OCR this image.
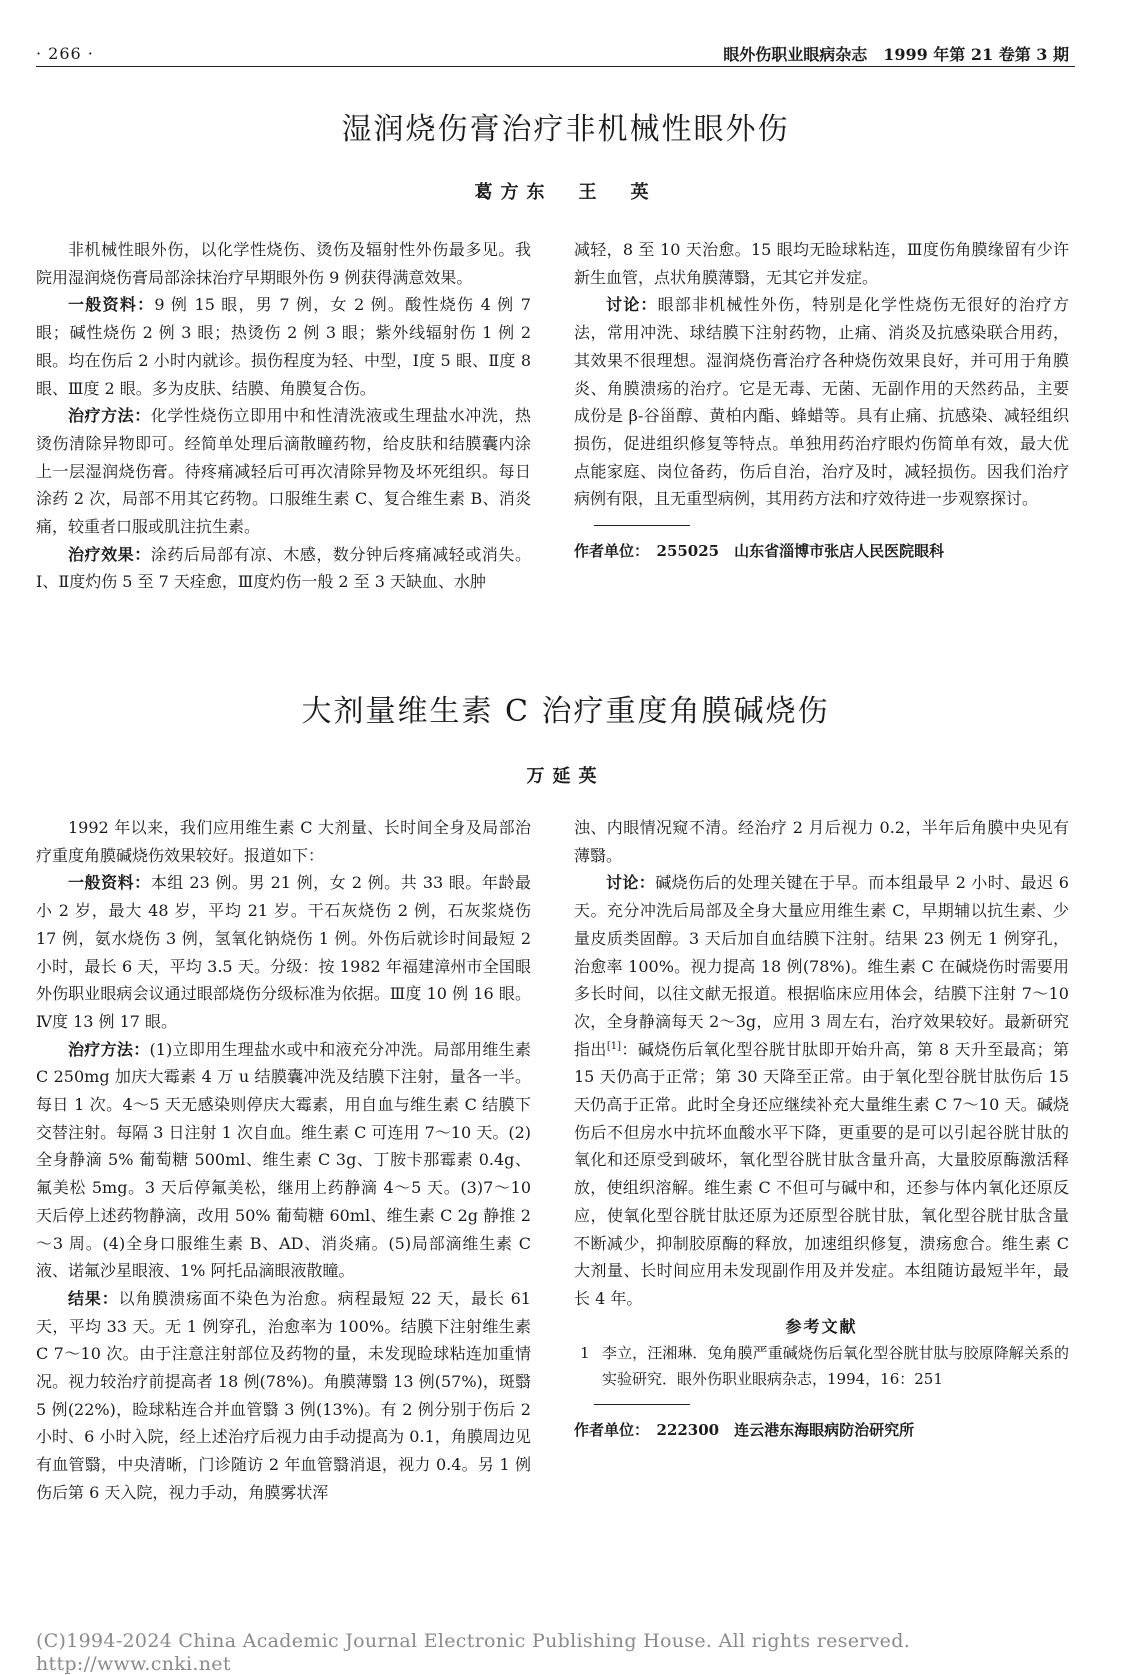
· 266 ·	眼外伤职业眼病杂志　1999 年第 21 卷第 3 期
湿润烧伤膏治疗非机械性眼外伤
葛方东　王　英

非机械性眼外伤，以化学性烧伤、烫伤及辐射性外伤最多见。我院用湿润烧伤膏局部涂抹治疗早期眼外伤 9 例获得满意效果。

一般资料：9 例 15 眼，男 7 例，女 2 例。酸性烧伤 4 例 7 眼；碱性烧伤 2 例 3 眼；热烫伤 2 例 3 眼；紫外线辐射伤 1 例 2 眼。均在伤后 2 小时内就诊。损伤程度为轻、中型，Ⅰ度 5 眼、Ⅱ度 8 眼、Ⅲ度 2 眼。多为皮肤、结膜、角膜复合伤。

治疗方法：化学性烧伤立即用中和性清洗液或生理盐水冲洗，热烫伤清除异物即可。经简单处理后滴散瞳药物，给皮肤和结膜囊内涂上一层湿润烧伤膏。待疼痛减轻后可再次清除异物及坏死组织。每日涂药 2 次，局部不用其它药物。口服维生素 C、复合维生素 B、消炎痛，较重者口服或肌注抗生素。

治疗效果：涂药后局部有凉、木感，数分钟后疼痛减轻或消失。Ⅰ、Ⅱ度灼伤 5 至 7 天痊愈，Ⅲ度灼伤一般 2 至 3 天缺血、水肿

减轻，8 至 10 天治愈。15 眼均无睑球粘连，Ⅲ度伤角膜缘留有少许新生血管，点状角膜薄翳，无其它并发症。

讨论：眼部非机械性外伤，特别是化学性烧伤无很好的治疗方法，常用冲洗、球结膜下注射药物，止痛、消炎及抗感染联合用药，其效果不很理想。湿润烧伤膏治疗各种烧伤效果良好，并可用于角膜炎、角膜溃疡的治疗。它是无毒、无菌、无副作用的天然药品，主要成份是 β-谷甾醇、黄柏内酯、蜂蜡等。具有止痛、抗感染、减轻组织损伤，促进组织修复等特点。单独用药治疗眼灼伤简单有效，最大优点能家庭、岗位备药，伤后自治，治疗及时，减轻损伤。因我们治疗病例有限，且无重型病例，其用药方法和疗效待进一步观察探讨。

作者单位：　255025　山东省淄博市张店人民医院眼科

大剂量维生素 C 治疗重度角膜碱烧伤
万延英

1992 年以来，我们应用维生素 C 大剂量、长时间全身及局部治疗重度角膜碱烧伤效果较好。报道如下：

一般资料：本组 23 例。男 21 例，女 2 例。共 33 眼。年龄最小 2 岁，最大 48 岁，平均 21 岁。干石灰烧伤 2 例，石灰浆烧伤 17 例，氨水烧伤 3 例，氢氧化钠烧伤 1 例。外伤后就诊时间最短 2 小时，最长 6 天，平均 3.5 天。分级：按 1982 年福建漳州市全国眼外伤职业眼病会议通过眼部烧伤分级标准为依据。Ⅲ度 10 例 16 眼。Ⅳ度 13 例 17 眼。

治疗方法：(1)立即用生理盐水或中和液充分冲洗。局部用维生素 C 250mg 加庆大霉素 4 万 u 结膜囊冲洗及结膜下注射，量各一半。每日 1 次。4～5 天无感染则停庆大霉素，用自血与维生素 C 结膜下交替注射。每隔 3 日注射 1 次自血。维生素 C 可连用 7～10 天。(2)全身静滴 5% 葡萄糖 500ml、维生素 C 3g、丁胺卡那霉素 0.4g、氟美松 5mg。3 天后停氟美松，继用上药静滴 4～5 天。(3)7～10 天后停上述药物静滴，改用 50% 葡萄糖 60ml、维生素 C 2g 静推 2～3 周。(4)全身口服维生素 B、AD、消炎痛。(5)局部滴维生素 C 液、诺氟沙星眼液、1% 阿托品滴眼液散瞳。

结果：以角膜溃疡面不染色为治愈。病程最短 22 天，最长 61 天，平均 33 天。无 1 例穿孔，治愈率为 100%。结膜下注射维生素 C 7～10 次。由于注意注射部位及药物的量，未发现睑球粘连加重情况。视力较治疗前提高者 18 例(78%)。角膜薄翳 13 例(57%)，斑翳 5 例(22%)，睑球粘连合并血管翳 3 例(13%)。有 2 例分别于伤后 2 小时、6 小时入院，经上述治疗后视力由手动提高为 0.1，角膜周边见有血管翳，中央清晰，门诊随访 2 年血管翳消退，视力 0.4。另 1 例伤后第 6 天入院，视力手动，角膜雾状浑

浊、内眼情况窥不清。经治疗 2 月后视力 0.2，半年后角膜中央见有薄翳。

讨论：碱烧伤后的处理关键在于早。而本组最早 2 小时、最迟 6 天。充分冲洗后局部及全身大量应用维生素 C，早期辅以抗生素、少量皮质类固醇。3 天后加自血结膜下注射。结果 23 例无 1 例穿孔，治愈率 100%。视力提高 18 例(78%)。维生素 C 在碱烧伤时需要用多长时间，以往文献无报道。根据临床应用体会，结膜下注射 7～10 次，全身静滴每天 2～3g，应用 3 周左右，治疗效果较好。最新研究指出[1]：碱烧伤后氧化型谷胱甘肽即开始升高，第 8 天升至最高；第 15 天仍高于正常；第 30 天降至正常。由于氧化型谷胱甘肽伤后 15 天仍高于正常。此时全身还应继续补充大量维生素 C 7～10 天。碱烧伤后不但房水中抗坏血酸水平下降，更重要的是可以引起谷胱甘肽的氧化和还原受到破坏，氧化型谷胱甘肽含量升高，大量胶原酶激活释放，使组织溶解。维生素 C 不但可与碱中和，还参与体内氧化还原反应，使氧化型谷胱甘肽还原为还原型谷胱甘肽，氧化型谷胱甘肽含量不断减少，抑制胶原酶的释放，加速组织修复，溃疡愈合。维生素 C 大剂量、长时间应用未发现副作用及并发症。本组随访最短半年，最长 4 年。

参考文献

1 李立，汪湘琳．兔角膜严重碱烧伤后氧化型谷胱甘肽与胶原降解关系的实验研究．眼外伤职业眼病杂志，1994，16：251

作者单位：　222300　连云港东海眼病防治研究所

(C)1994-2024 China Academic Journal Electronic Publishing House. All rights reserved.　　http://www.cnki.net
